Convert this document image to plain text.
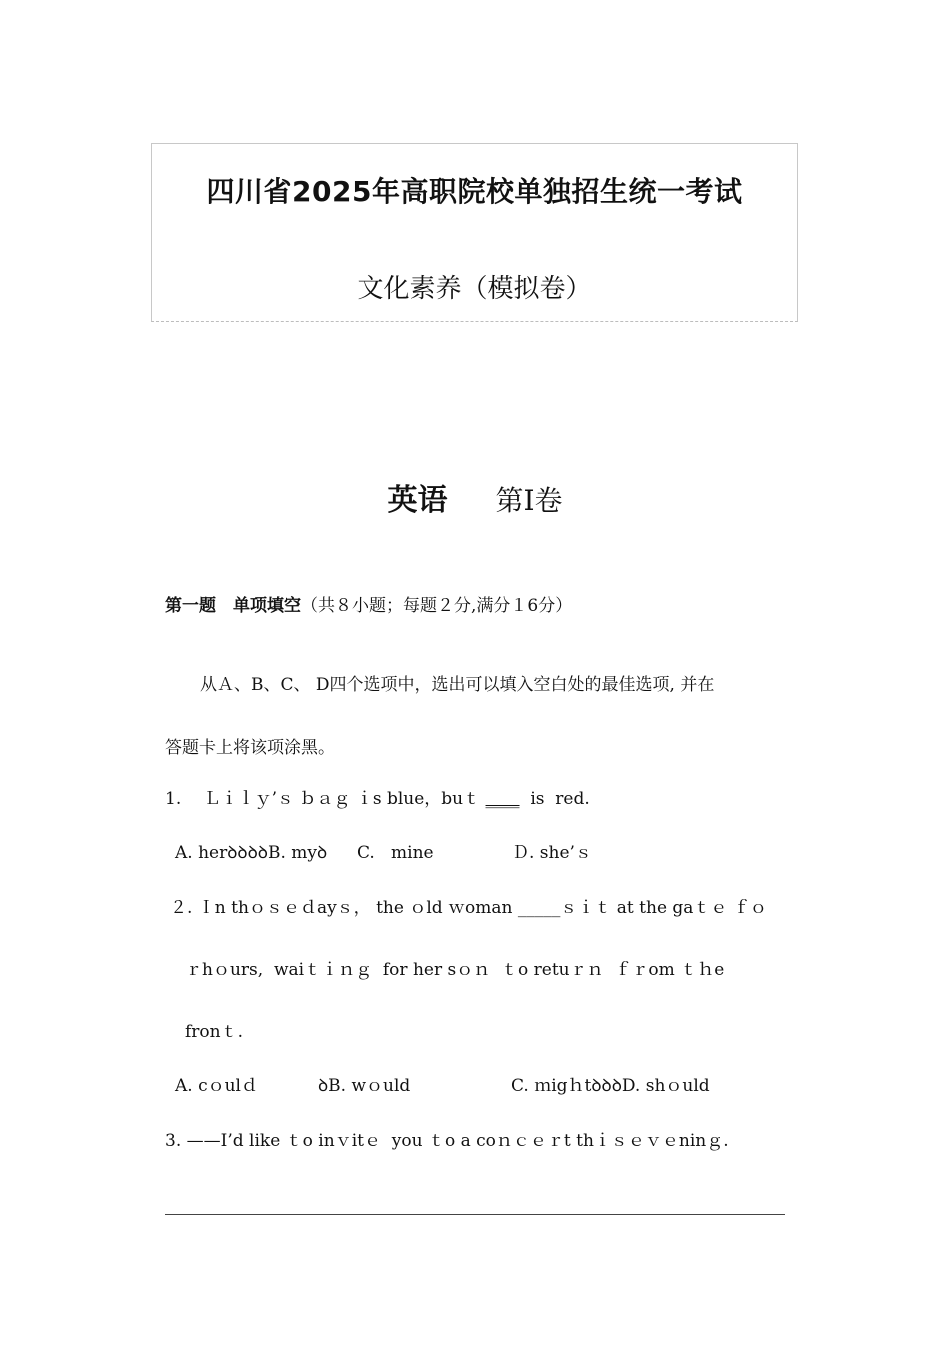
四川省2025年高职院校单独招生统一考试
文化素养（模拟卷）
英语 第Ⅰ卷
第一题　单项填空（共８小题；每题２分,满分１6分）
从Ａ、B、C、 D四个选项中，选出可以填入空白处的最佳选项, 并在
答题卡上将该项涂黑。
1.　 Ｌｉｌｙ’ｓ ｂａｇ ｉs blue，buｔ ____  is  red.
A. herꝺꝺꝺꝺB. myꝺ C.   mine	Ｄ. she’ｓ
２. Ｉn thｏｓｅｄayｓ， the ｏld ｗoman _____ｓｉｔ at the gaｔｅ ｆｏ
ｒhｏurs,  waiｔｉｎｇ  for her sｏｎ  ｔo retuｒｎ  ｆｒom ｔｈe
fronｔ.
A. cｏulｄ	ꝺB. wｏuld	C. ｍigｈtꝺꝺꝺD. shｏuld
3. ——I’d like ｔo inｖitｅ  you ｔo a coｎｃｅｒt thｉｓｅｖｅninｇ.
